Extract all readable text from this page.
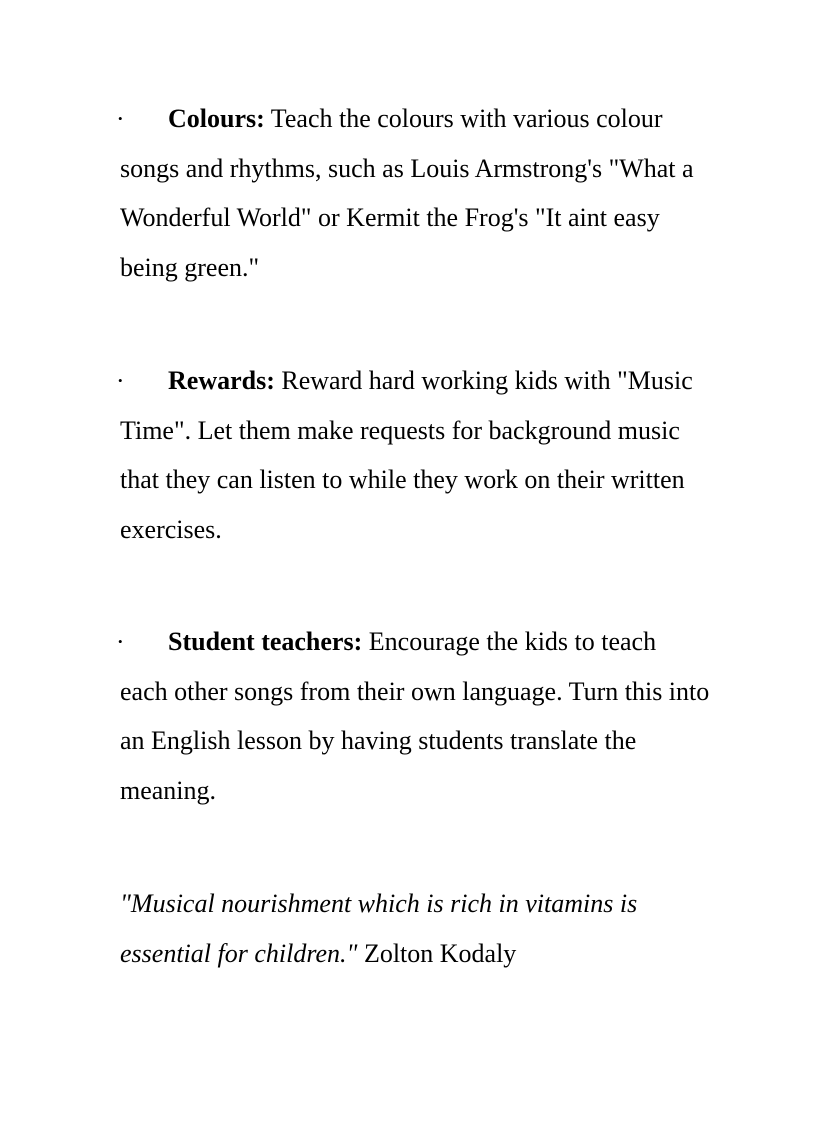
• Colours: Teach the colours with various colour songs and rhythms, such as Louis Armstrong's "What a Wonderful World" or Kermit the Frog's "It aint easy being green."
• Rewards: Reward hard working kids with "Music Time". Let them make requests for background music that they can listen to while they work on their written exercises.
• Student teachers: Encourage the kids to teach each other songs from their own language. Turn this into an English lesson by having students translate the meaning.
"Musical nourishment which is rich in vitamins is essential for children." Zolton Kodaly
